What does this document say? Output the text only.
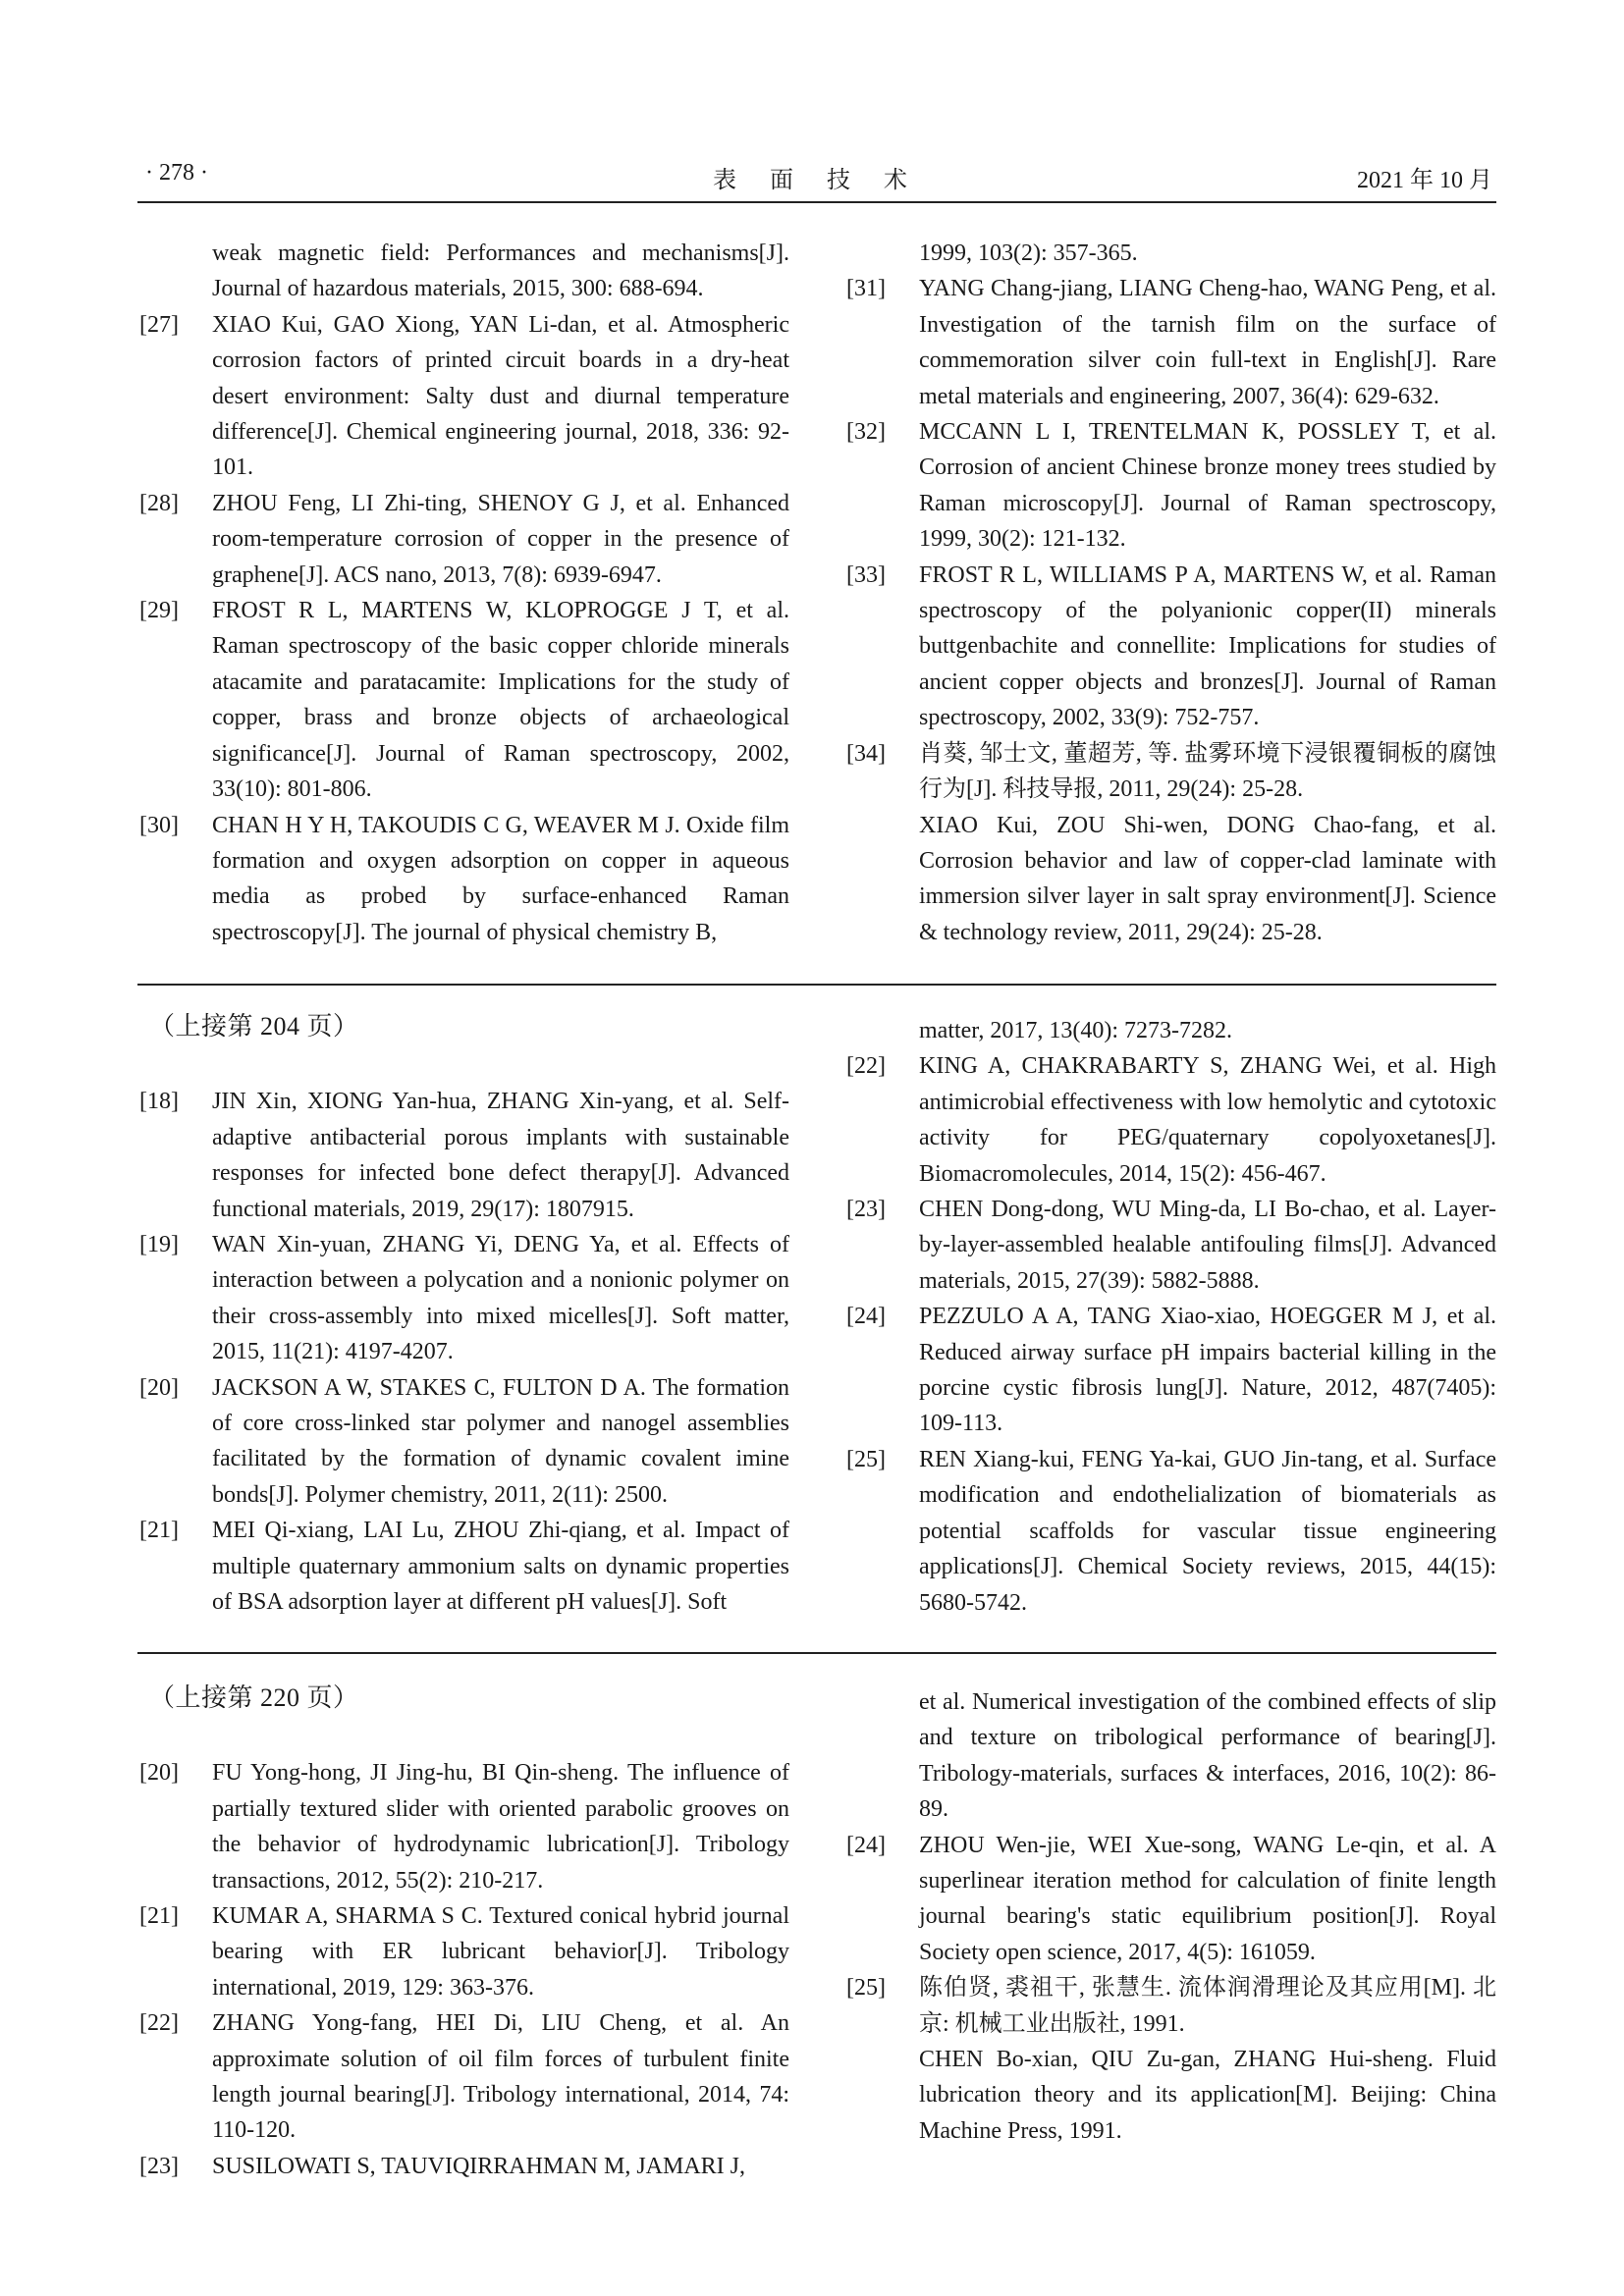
· 278 ·	表 面 技 术	2021 年 10 月
weak magnetic field: Performances and mechanisms[J]. Journal of hazardous materials, 2015, 300: 688-694.
[27] XIAO Kui, GAO Xiong, YAN Li-dan, et al. Atmospheric corrosion factors of printed circuit boards in a dry-heat desert environment: Salty dust and diurnal temperature difference[J]. Chemical engineering journal, 2018, 336: 92-101.
[28] ZHOU Feng, LI Zhi-ting, SHENOY G J, et al. Enhanced room-temperature corrosion of copper in the presence of graphene[J]. ACS nano, 2013, 7(8): 6939-6947.
[29] FROST R L, MARTENS W, KLOPROGGE J T, et al. Raman spectroscopy of the basic copper chloride minerals atacamite and paratacamite: Implications for the study of copper, brass and bronze objects of archaeological significance[J]. Journal of Raman spectroscopy, 2002, 33(10): 801-806.
[30] CHAN H Y H, TAKOUDIS C G, WEAVER M J. Oxide film formation and oxygen adsorption on copper in aqueous media as probed by surface-enhanced Raman spectroscopy[J]. The journal of physical chemistry B,
1999, 103(2): 357-365.
[31] YANG Chang-jiang, LIANG Cheng-hao, WANG Peng, et al. Investigation of the tarnish film on the surface of commemoration silver coin full-text in English[J]. Rare metal materials and engineering, 2007, 36(4): 629-632.
[32] MCCANN L I, TRENTELMAN K, POSSLEY T, et al. Corrosion of ancient Chinese bronze money trees studied by Raman microscopy[J]. Journal of Raman spectroscopy, 1999, 30(2): 121-132.
[33] FROST R L, WILLIAMS P A, MARTENS W, et al. Raman spectroscopy of the polyanionic copper(II) minerals buttgenbachite and connellite: Implications for studies of ancient copper objects and bronzes[J]. Journal of Raman spectroscopy, 2002, 33(9): 752-757.
[34] 肖葵, 邹士文, 董超芳, 等. 盐雾环境下浸银覆铜板的腐蚀行为[J]. 科技导报, 2011, 29(24): 25-28.
XIAO Kui, ZOU Shi-wen, DONG Chao-fang, et al. Corrosion behavior and law of copper-clad laminate with immersion silver layer in salt spray environment[J]. Science & technology review, 2011, 29(24): 25-28.
（上接第 204 页）
[18] JIN Xin, XIONG Yan-hua, ZHANG Xin-yang, et al. Self-adaptive antibacterial porous implants with sustainable responses for infected bone defect therapy[J]. Advanced functional materials, 2019, 29(17): 1807915.
[19] WAN Xin-yuan, ZHANG Yi, DENG Ya, et al. Effects of interaction between a polycation and a nonionic polymer on their cross-assembly into mixed micelles[J]. Soft matter, 2015, 11(21): 4197-4207.
[20] JACKSON A W, STAKES C, FULTON D A. The formation of core cross-linked star polymer and nanogel assemblies facilitated by the formation of dynamic covalent imine bonds[J]. Polymer chemistry, 2011, 2(11): 2500.
[21] MEI Qi-xiang, LAI Lu, ZHOU Zhi-qiang, et al. Impact of multiple quaternary ammonium salts on dynamic properties of BSA adsorption layer at different pH values[J]. Soft
matter, 2017, 13(40): 7273-7282.
[22] KING A, CHAKRABARTY S, ZHANG Wei, et al. High antimicrobial effectiveness with low hemolytic and cytotoxic activity for PEG/quaternary copolyoxetanes[J]. Biomacromolecules, 2014, 15(2): 456-467.
[23] CHEN Dong-dong, WU Ming-da, LI Bo-chao, et al. Layer-by-layer-assembled healable antifouling films[J]. Advanced materials, 2015, 27(39): 5882-5888.
[24] PEZZULO A A, TANG Xiao-xiao, HOEGGER M J, et al. Reduced airway surface pH impairs bacterial killing in the porcine cystic fibrosis lung[J]. Nature, 2012, 487(7405): 109-113.
[25] REN Xiang-kui, FENG Ya-kai, GUO Jin-tang, et al. Surface modification and endothelialization of biomaterials as potential scaffolds for vascular tissue engineering applications[J]. Chemical Society reviews, 2015, 44(15): 5680-5742.
（上接第 220 页）
[20] FU Yong-hong, JI Jing-hu, BI Qin-sheng. The influence of partially textured slider with oriented parabolic grooves on the behavior of hydrodynamic lubrication[J]. Tribology transactions, 2012, 55(2): 210-217.
[21] KUMAR A, SHARMA S C. Textured conical hybrid journal bearing with ER lubricant behavior[J]. Tribology international, 2019, 129: 363-376.
[22] ZHANG Yong-fang, HEI Di, LIU Cheng, et al. An approximate solution of oil film forces of turbulent finite length journal bearing[J]. Tribology international, 2014, 74: 110-120.
[23] SUSILOWATI S, TAUVIQIRRAHMAN M, JAMARI J,
et al. Numerical investigation of the combined effects of slip and texture on tribological performance of bearing[J]. Tribology-materials, surfaces & interfaces, 2016, 10(2): 86-89.
[24] ZHOU Wen-jie, WEI Xue-song, WANG Le-qin, et al. A superlinear iteration method for calculation of finite length journal bearing's static equilibrium position[J]. Royal Society open science, 2017, 4(5): 161059.
[25] 陈伯贤, 裘祖干, 张慧生. 流体润滑理论及其应用[M]. 北京: 机械工业出版社, 1991.
CHEN Bo-xian, QIU Zu-gan, ZHANG Hui-sheng. Fluid lubrication theory and its application[M]. Beijing: China Machine Press, 1991.
